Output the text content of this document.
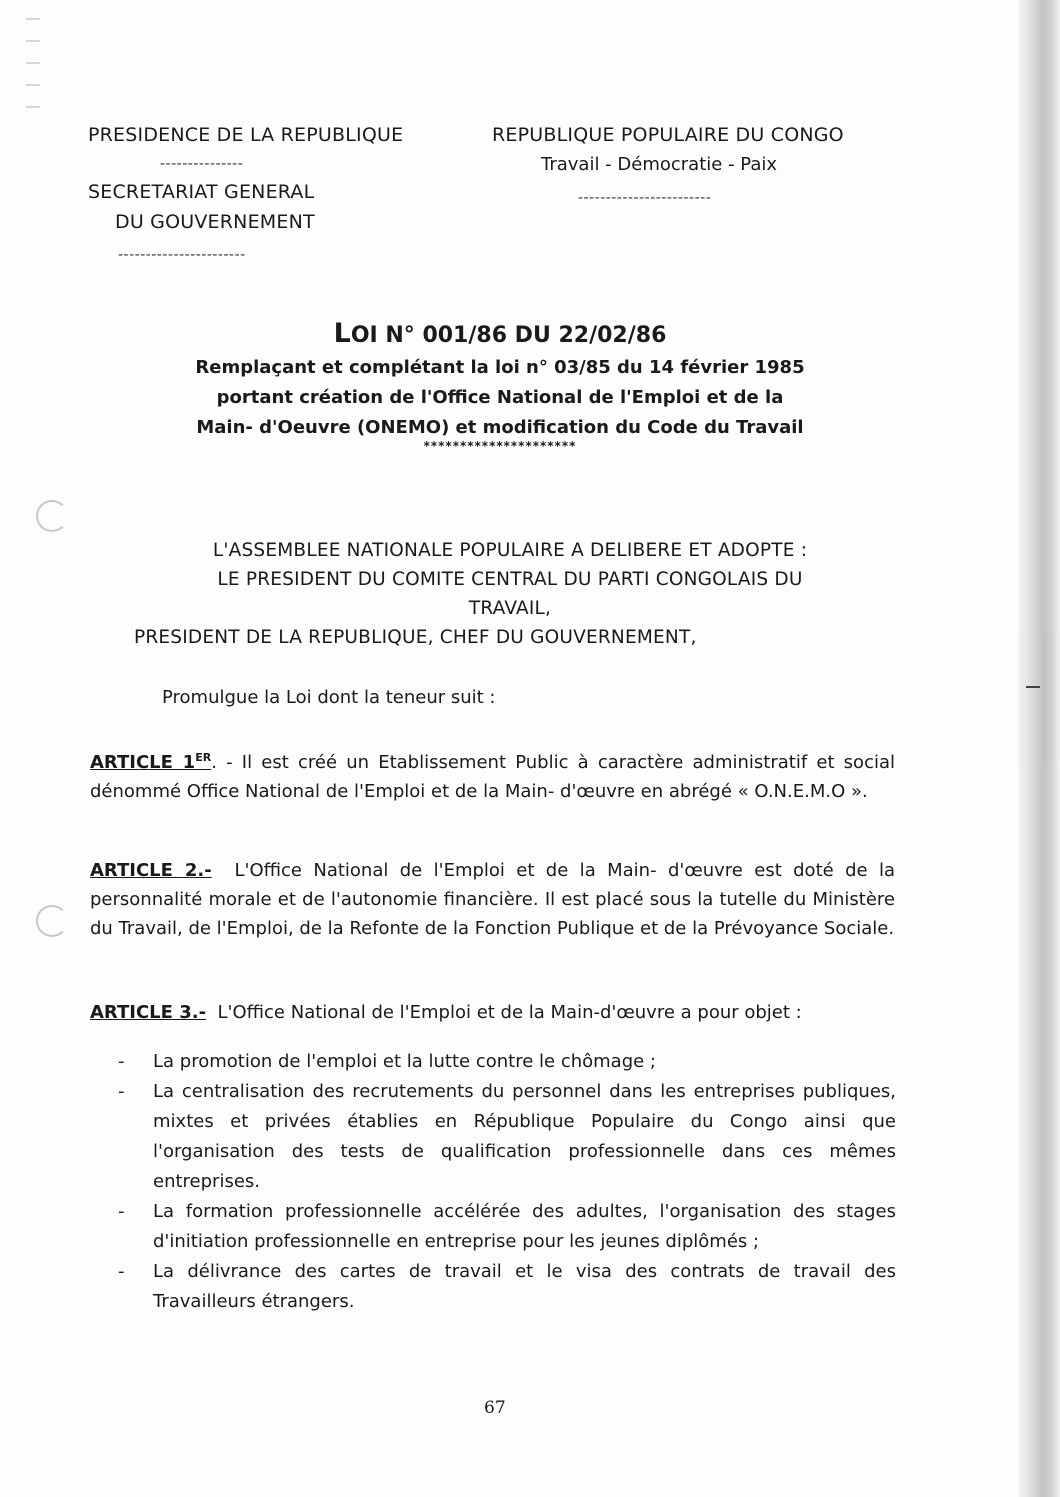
PRESIDENCE DE LA REPUBLIQUE
---------------
SECRETARIAT GENERAL
DU GOUVERNEMENT
-----------------------
REPUBLIQUE POPULAIRE DU CONGO
Travail - Démocratie - Paix
------------------------
LOI N° 001/86 DU 22/02/86
Remplaçant et complétant la loi n° 03/85 du 14 février 1985
portant création de l'Office National de l'Emploi et de la
Main- d'Oeuvre (ONEMO) et modification du Code du Travail
*********************
L'ASSEMBLEE NATIONALE POPULAIRE A DELIBERE ET ADOPTE :
LE PRESIDENT DU COMITE CENTRAL DU PARTI CONGOLAIS DU
TRAVAIL,
PRESIDENT DE LA REPUBLIQUE, CHEF DU GOUVERNEMENT,
Promulgue la Loi dont la teneur suit :
ARTICLE 1ER. - Il est créé un Etablissement Public à caractère administratif et social dénommé Office National de l'Emploi et de la Main- d'œuvre en abrégé « O.N.E.M.O ».
ARTICLE 2.-  L'Office National de l'Emploi et de la Main- d'œuvre est doté de la personnalité morale et de l'autonomie financière. Il est placé sous la tutelle du Ministère du Travail, de l'Emploi, de la Refonte de la Fonction Publique et de la Prévoyance Sociale.
ARTICLE 3.-  L'Office National de l'Emploi et de la Main-d'œuvre a pour objet :
- La promotion de l'emploi et la lutte contre le chômage ;
- La centralisation des recrutements du personnel dans les entreprises publiques, mixtes et privées établies en République Populaire du Congo ainsi que l'organisation des tests de qualification professionnelle dans ces mêmes entreprises.
- La formation professionnelle accélérée des adultes, l'organisation des stages d'initiation professionnelle en entreprise pour les jeunes diplômés ;
- La délivrance des cartes de travail et le visa des contrats de travail des Travailleurs étrangers.
67
